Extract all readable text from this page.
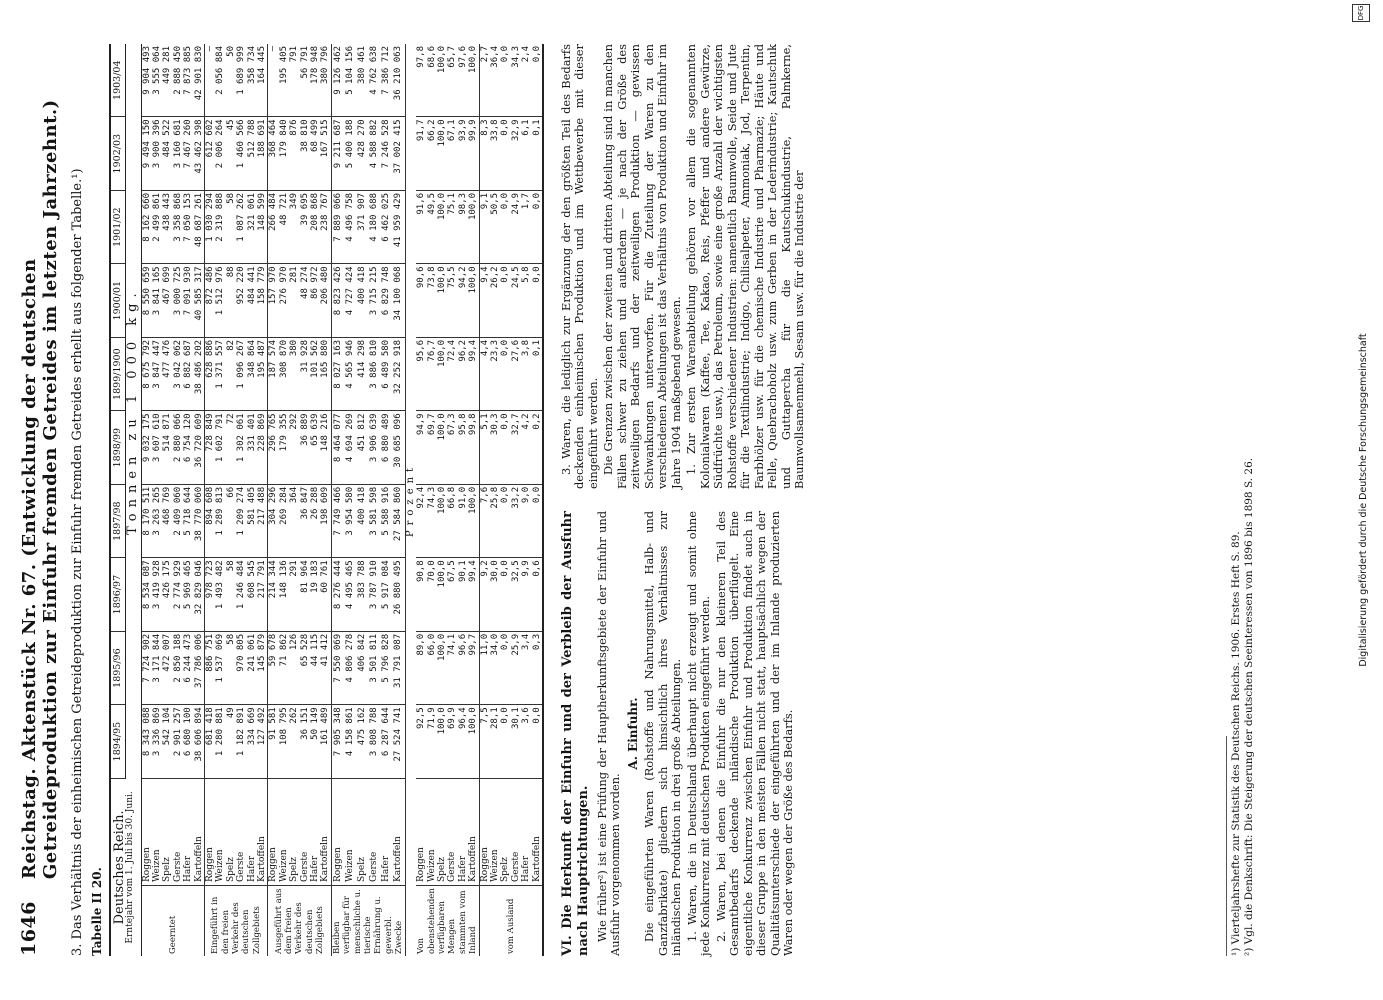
1646
Reichstag. Aktenstück Nr. 67. (Entwicklung der deutschen Getreideproduktion zur Einfuhr fremden Getreides im letzten Jahrzehnt.) 3. Das Verhältnis der einheimischen Getreideproduktion zur Einfuhr fremden Getreides erhellt aus folgender Tabelle.¹) Tabelle II 20. Deutsches Reich.
Erntejahr vom 1. Juli bis 30. Juni.		1894/95	1895/96	1896/97	1897/98	1898/99	1899/1900	1900/01	1901/02	1902/03	1903/04
		Tonnen zu 1 000 kg.									
Geerntet	Roggen	8 343 088	7 724 902	8 534 087	8 170 511	9 032 175	8 675 792	8 550 659	8 162 660	9 494 150	9 904 493
	Weizen	3 336 869	3 171 844	3 419 928	3 263 265	3 607 610	3 847 447	3 841 165	2 499 861	3 900 396	3 555 064
	Spelz	542 104	472 007	426 175	468 769	514 871	477 476	467 699	438 443	484 522	449 281
	Gerste	2 901 257	2 850 188	2 774 929	2 409 060	2 880 066	3 042 062	3 000 725	3 358 868	3 160 681	2 888 450
	Hafer	6 680 100	6 244 473	5 969 465	5 718 644	6 754 120	6 882 687	7 091 930	7 050 153	7 467 260	7 873 885
	Kartoffeln	38 606 894	37 786 006	32 829 046	38 770 060	36 720 609	38 486 202	40 585 317	48 687 261	43 462 398	42 901 830
Eingeführt in den freien Verkehr des deutschen Zollgebiets	Roggen	681 418	886 751	978 723	894 608	728 849	628 886	872 486	1 030 294	612 602	—
	Weizen	1 280 881	1 537 069	1 493 482	1 289 813	1 602 791	1 371 557	1 512 976	2 319 888	2 006 264	2 056 884
	Spelz	49	58	58	66	72	82	88	58	45	50
	Gerste	1 182 891	970 805	1 246 484	1 209 274	1 302 061	1 096 267	952 220	1 087 262	1 460 566	1 689 999
	Hafer	334 669	241 061	608 545	581 405	331 401	348 864	484 441	321 061	512 788	358 734
	Kartoffeln	127 492	145 879	217 791	217 488	228 869	195 487	158 779	148 599	188 691	164 445
Ausgeführt aus dem freien Verkehr des deutschen Zollgebiets	Roggen	91 581	59 678	214 344	304 296	296 765	187 574	157 970	266 484	368 464	—
	Weizen	108 795	71 862	148 136	269 284	179 355	308 870	276 970	48 721	179 840	195 405
	Spelz	262	126	291	364	292	380	281	349	876	791
	Gerste	36 151	65 528	81 964	36 847	36 889	31 928	48 274	39 695	38 810	56 791
	Hafer	50 149	44 115	19 183	26 288	65 639	101 562	86 972	208 868	68 499	178 948
	Kartoffeln	161 489	41 412	60 761	198 609	148 216	165 880	206 480	238 767	167 515	380 796
Bleiben verfügbar für menschliche u. tierische Ernährung u. gewerbl. Zwecke	Roggen	7 905 348	7 550 069	8 276 444	7 749 466	8 464 077	8 027 163	8 823 426	7 889 066	9 211 687	9 126 462
	Weizen	4 158 861	4 806 278	4 495 465	3 954 580	4 694 269	4 565 946	4 727 424	4 496 758	5 400 188	5 104 156
	Spelz	475 162	406 842	383 788	400 418	451 812	414 298	400 418	371 907	428 270	380 461
	Gerste	3 808 788	3 501 811	3 787 910	3 581 598	3 906 639	3 886 810	3 715 215	4 180 688	4 588 882	4 762 638
	Hafer	6 287 644	5 796 828	5 917 084	5 588 916	6 880 489	6 489 580	6 829 748	6 462 025	7 246 528	7 386 712
	Kartoffeln	27 524 741	31 791 087	26 880 495	27 584 860	30 685 096	32 252 918	34 100 068	41 959 429	37 002 415	36 210 063
Prozent											
Von obenstehenden verfügbaren Mengen stammten vom Inland	Roggen	92,5	89,0	90,8	92,4	94,9	95,6	90,6	91,6	91,7	97,8
	Weizen	71,9	66,0	70,0	74,3	69,7	76,7	73,8	49,5	66,2	68,6
	Spelz	100,0	100,0	100,0	100,0	100,0	100,0	100,0	100,0	100,0	100,0
	Gerste	69,9	74,1	67,5	66,8	67,3	72,4	75,5	75,1	67,1	65,7
	Hafer	96,4	96,6	90,1	91,0	95,8	96,2	94,2	98,3	93,9	97,6
	Kartoffeln	100,0	99,7	99,4	100,0	99,8	99,4	100,0	100,0	99,9	100,0
vom Ausland	Roggen	7,5	11,0	9,2	7,6	5,1	4,4	9,4	9,1	8,3	2,7
	Weizen	28,1	34,0	30,0	25,8	30,3	23,3	26,2	50,5	33,8	36,4
	Spelz	0,0	0,0	0,0	0,0	0,0	0,0	0,0	0,0	0,0	0,0
	Gerste	30,1	25,9	32,5	33,2	32,7	27,6	24,5	24,9	32,9	34,3
	Hafer	3,6	3,4	9,9	9,0	4,2	3,8	5,8	1,7	6,1	2,4
	Kartoffeln	0,0	0,3	0,6	0,0	0,2	0,1	0,0	0,0	0,1	0,0
VI. Die Herkunft der Einfuhr und der Verbleib der Ausfuhr nach Hauptrichtungen. Wie früher²) ist eine Prüfung der Hauptherkunftsgebiete der Einfuhr und Ausfuhr vorgenommen worden.

A. Einfuhr. Die eingeführten Waren (Rohstoffe und Nahrungsmittel, Halb- und Ganzfabrikate) gliedern sich hinsichtlich ihres Verhältnisses zur inländischen Produktion in drei große Abteilungen. 1. Waren, die in Deutschland überhaupt nicht erzeugt und somit ohne jede Konkurrenz mit deutschen Produkten eingeführt werden. 2. Waren, bei denen die Einfuhr die nur den kleineren Teil des Gesamtbedarfs deckende inländische Produktion überflügelt. Eine eigentliche Konkurrenz zwischen Einfuhr und Produktion findet auch in dieser Gruppe in den meisten Fällen nicht statt, hauptsächlich wegen der Qualitätsunterschiede der eingeführten und der im Inlande produzierten Waren oder wegen der Größe des Bedarfs.

3. Waren, die lediglich zur Ergänzung der den größten Teil des Bedarfs deckenden einheimischen Produktion und im Wettbewerbe mit dieser eingeführt werden. Die Grenzen zwischen der zweiten und dritten Abteilung sind in manchen Fällen schwer zu ziehen und außerdem — je nach der Größe des zeitweiligen Bedarfs und der zeitweiligen Produktion — gewissen Schwankungen unterworfen. Für die Zuteilung der Waren zu den verschiedenen Abteilungen ist das Verhältnis von Produktion und Einfuhr im Jahre 1904 maßgebend gewesen. 1. Zur ersten Warenabteilung gehören vor allem die sogenannten Kolonialwaren (Kaffee, Tee, Kakao, Reis, Pfeffer und andere Gewürze, Südfrüchte usw.), das Petroleum, sowie eine große Anzahl der wichtigsten Rohstoffe verschiedener Industrien: namentlich Baumwolle, Seide und Jute für die Textilindustrie; Indigo, Chilisalpeter, Ammoniak, Jod, Terpentin, Farbhölzer usw. für die chemische Industrie und Pharmazie; Häute und Felle, Quebrachoholz usw. zum Gerben in der Lederindustrie; Kautschuk und Guttapercha für die Kautschukindustrie, Palmkerne, Baumwollsamenmehl, Sesam usw. für die Industrie der

¹) Vierteljahrshefte zur Statistik des Deutschen Reichs. 1906. Erstes Heft S. 89. ²) Vgl. die Denkschrift: Die Steigerung der deutschen Seeinteressen von 1896 bis 1898 S. 26.	Digitalisierung gefördert durch die Deutsche Forschungsgemeinschaft
DFG
